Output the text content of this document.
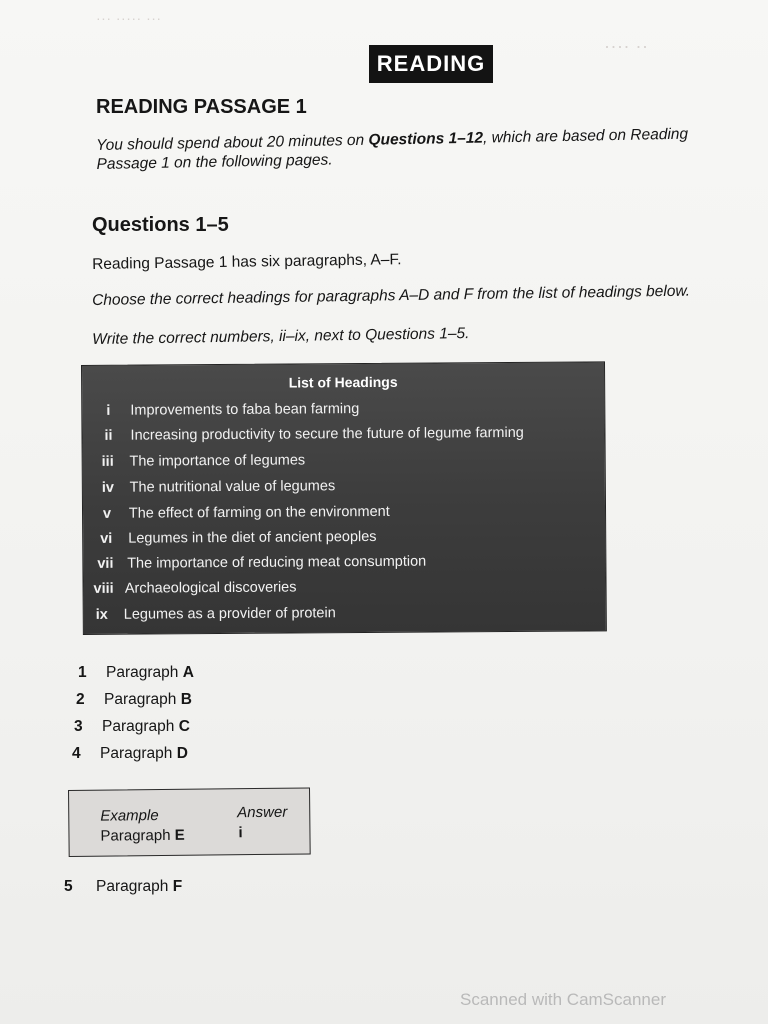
··· ····· ···
···· ··
READING
READING PASSAGE 1
You should spend about 20 minutes on Questions 1–12, which are based on Reading Passage 1 on the following pages.
Questions 1–5
Reading Passage 1 has six paragraphs, A–F.
Choose the correct headings for paragraphs A–D and F from the list of headings below.
Write the correct numbers, ii–ix, next to Questions 1–5.
List of Headings
i Improvements to faba bean farming
ii Increasing productivity to secure the future of legume farming
iii The importance of legumes
iv The nutritional value of legumes
v The effect of farming on the environment
vi Legumes in the diet of ancient peoples
vii The importance of reducing meat consumption
viii Archaeological discoveries
ix Legumes as a provider of protein
1 Paragraph A
2 Paragraph B
3 Paragraph C
4 Paragraph D
Example	Answer
Paragraph E	i
5 Paragraph F
Scanned with CamScanner
